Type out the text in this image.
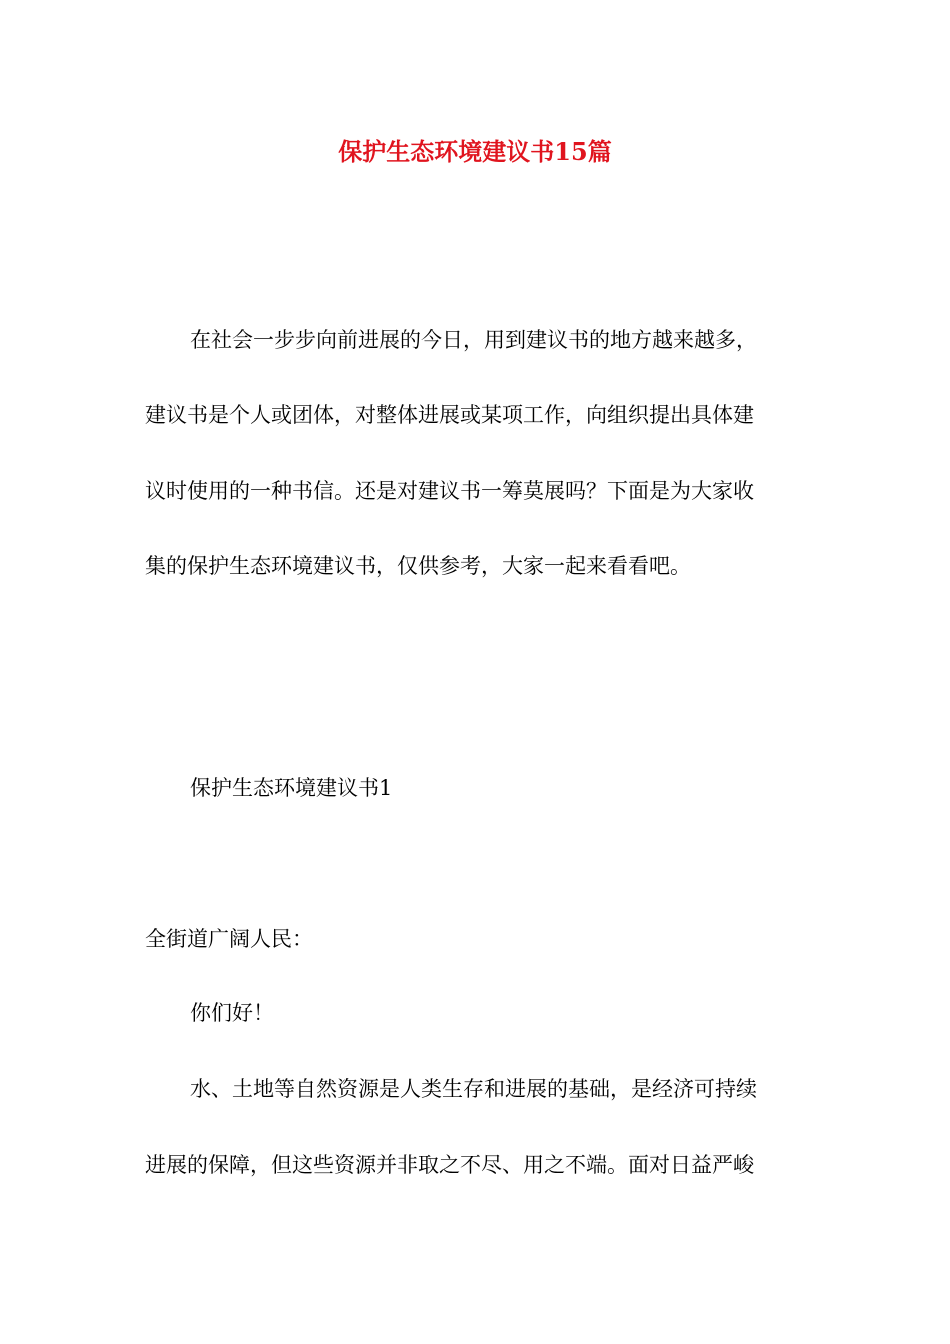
保护生态环境建议书15篇

在社会一步步向前进展的今日，用到建议书的地方越来越多，

建议书是个人或团体，对整体进展或某项工作，向组织提出具体建

议时使用的一种书信。还是对建议书一筹莫展吗？下面是为大家收

集的保护生态环境建议书，仅供参考，大家一起来看看吧。

保护生态环境建议书1

全街道广阔人民：

你们好！

水、土地等自然资源是人类生存和进展的基础，是经济可持续

进展的保障，但这些资源并非取之不尽、用之不端。面对日益严峻
